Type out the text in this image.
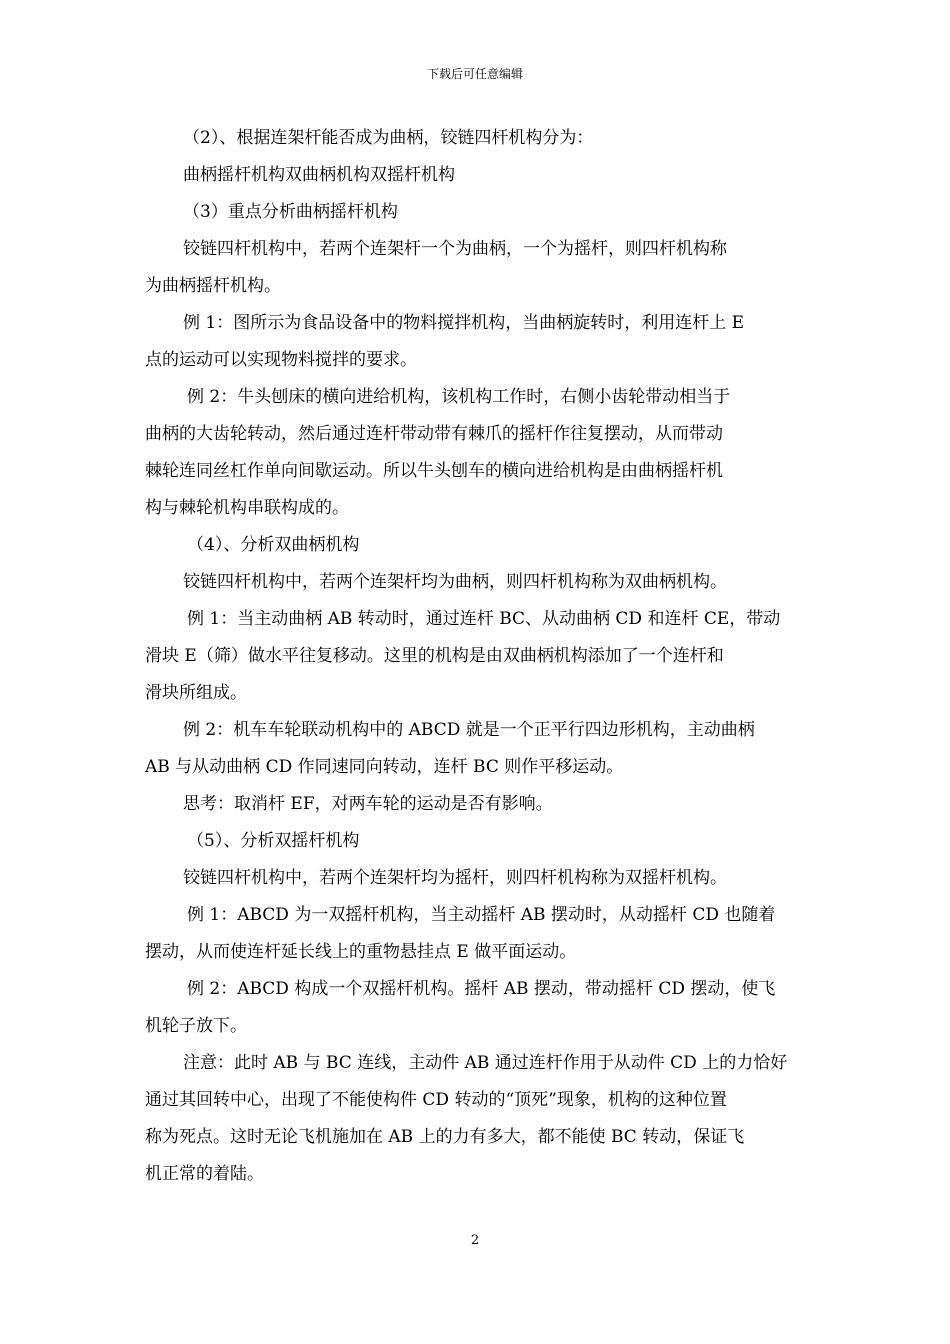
下载后可任意编辑
（2）、根据连架杆能否成为曲柄，铰链四杆机构分为：
曲柄摇杆机构双曲柄机构双摇杆机构
（3）重点分析曲柄摇杆机构
铰链四杆机构中，若两个连架杆一个为曲柄，一个为摇杆，则四杆机构称
为曲柄摇杆机构。
例 1：图所示为食品设备中的物料搅拌机构，当曲柄旋转时，利用连杆上 E
点的运动可以实现物料搅拌的要求。
例 2：牛头刨床的横向进给机构，该机构工作时，右侧小齿轮带动相当于
曲柄的大齿轮转动，然后通过连杆带动带有棘爪的摇杆作往复摆动，从而带动
棘轮连同丝杠作单向间歇运动。所以牛头刨车的横向进给机构是由曲柄摇杆机
构与棘轮机构串联构成的。
（4）、分析双曲柄机构
铰链四杆机构中，若两个连架杆均为曲柄，则四杆机构称为双曲柄机构。
例 1：当主动曲柄 AB 转动时，通过连杆 BC、从动曲柄 CD 和连杆 CE，带动
滑块 E（筛）做水平往复移动。这里的机构是由双曲柄机构添加了一个连杆和
滑块所组成。
例 2：机车车轮联动机构中的 ABCD 就是一个正平行四边形机构，主动曲柄
AB 与从动曲柄 CD 作同速同向转动，连杆 BC 则作平移运动。
思考：取消杆 EF，对两车轮的运动是否有影响。
（5）、分析双摇杆机构
铰链四杆机构中，若两个连架杆均为摇杆，则四杆机构称为双摇杆机构。
例 1：ABCD 为一双摇杆机构，当主动摇杆 AB 摆动时，从动摇杆 CD 也随着
摆动，从而使连杆延长线上的重物悬挂点 E 做平面运动。
例 2：ABCD 构成一个双摇杆机构。摇杆 AB 摆动，带动摇杆 CD 摆动，使飞
机轮子放下。
注意：此时 AB 与 BC 连线，主动件 AB 通过连杆作用于从动件 CD 上的力恰好
通过其回转中心，出现了不能使构件 CD 转动的“顶死”现象，机构的这种位置
称为死点。这时无论飞机施加在 AB 上的力有多大，都不能使 BC 转动，保证飞
机正常的着陆。
2
